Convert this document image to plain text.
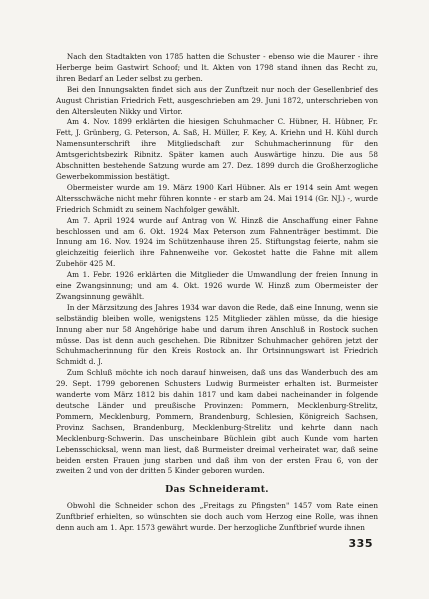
Nach den Stadtakten von 1785 hatten die Schuster - ebenso wie die Maurer - ihre Herberge beim Gastwirt Schoof; und lt. Akten von 1798 stand ihnen das Recht zu, ihren Bedarf an Leder selbst zu gerben.

Bei den Innungsakten findet sich aus der Zunftzeit nur noch der Gesellenbrief des August Christian Friedrich Fett, ausgeschrieben am 29. Juni 1872, unterschrieben von den Altersleuten Nikky und Virtor.

Am 4. Nov. 1899 erklärten die hiesigen Schuhmacher C. Hübner, H. Hübner, Fr. Fett, J. Grünberg, G. Peterson, A. Saß, H. Müller, F. Key, A. Kriehn und H. Kühl durch Namensunterschrift ihre Mitgliedschaft zur Schuhmacherinnung für den Amtsgerichtsbezirk Ribnitz. Später kamen auch Auswärtige hinzu. Die aus 58 Abschnitten bestehende Satzung wurde am 27. Dez. 1899 durch die Großherzogliche Gewerbekommission bestätigt.

Obermeister wurde am 19. März 1900 Karl Hübner. Als er 1914 sein Amt wegen Altersschwäche nicht mehr führen konnte - er starb am 24. Mai 1914 (Gr. NJ.) -, wurde Friedrich Schmidt zu seinem Nachfolger gewählt.

Am 7. April 1924 wurde auf Antrag von W. Hinzß die Anschaffung einer Fahne beschlossen und am 6. Okt. 1924 Max Peterson zum Fahnenträger bestimmt. Die Innung am 16. Nov. 1924 im Schützenhause ihren 25. Stiftungstag feierte, nahm sie gleichzeitig feierlich ihre Fahnenweihe vor. Gekostet hatte die Fahne mit allem Zubehör 425 M.

Am 1. Febr. 1926 erklärten die Mitglieder die Umwandlung der freien Innung in eine Zwangsinnung; und am 4. Okt. 1926 wurde W. Hinzß zum Obermeister der Zwangsinnung gewählt.

In der Märzsitzung des Jahres 1934 war davon die Rede, daß eine Innung, wenn sie selbständig bleiben wolle, wenigstens 125 Mitglieder zählen müsse, da die hiesige Innung aber nur 58 Angehörige habe und darum ihren Anschluß in Rostock suchen müsse. Das ist denn auch geschehen. Die Ribnitzer Schuhmacher gehören jetzt der Schuhmacherinnung für den Kreis Rostock an. Ihr Ortsinnungswart ist Friedrich Schmidt d. J.

Zum Schluß möchte ich noch darauf hinweisen, daß uns das Wanderbuch des am 29. Sept. 1799 geborenen Schusters Ludwig Burmeister erhalten ist. Burmeister wanderte vom März 1812 bis dahin 1817 und kam dabei nacheinander in folgende deutsche Länder und preußische Provinzen: Pommern, Mecklenburg-Strelitz, Pommern, Mecklenburg, Pommern, Brandenburg, Schlesien, Königreich Sachsen, Provinz Sachsen, Brandenburg, Mecklenburg-Strelitz und kehrte dann nach Mecklenburg-Schwerin. Das unscheinbare Büchlein gibt auch Kunde vom harten Lebensschicksal, wenn man liest, daß Burmeister dreimal verheiratet war, daß seine beiden ersten Frauen jung starben und daß ihm von der ersten Frau 6, von der zweiten 2 und von der dritten 5 Kinder geboren wurden.

Das Schneideramt.

Obwohl die Schneider schon des „Freitags zu Pfingsten" 1457 vom Rate einen Zunftbrief erhielten, so wünschten sie doch auch vom Herzog eine Rolle, was ihnen denn auch am 1. Apr. 1573 gewährt wurde. Der herzogliche Zunftbrief wurde ihnen

335
